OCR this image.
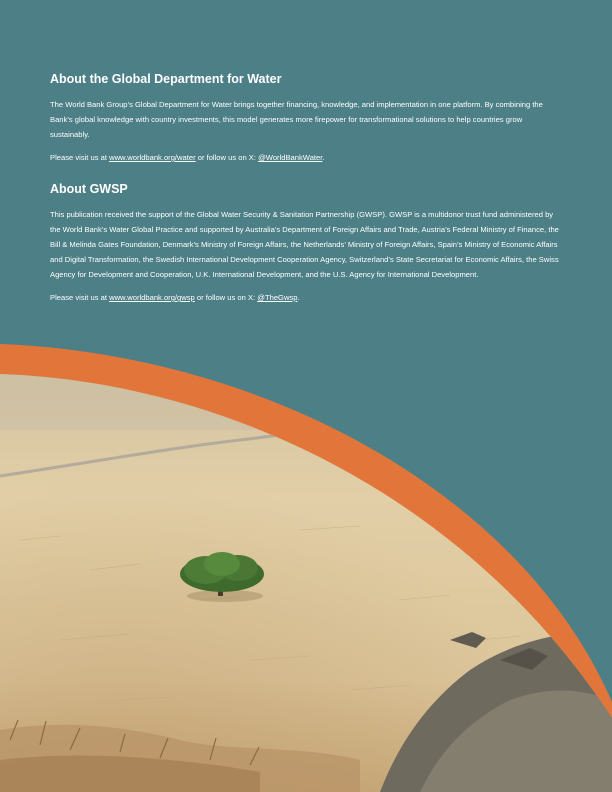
About the Global Department for Water

The World Bank Group’s Global Department for Water brings together financing, knowledge, and implementation in one platform. By combining the Bank’s global knowledge with country investments, this model generates more firepower for transformational solutions to help countries grow sustainably.

Please visit us at www.worldbank.org/water or follow us on X: @WorldBankWater.

About GWSP

This publication received the support of the Global Water Security & Sanitation Partnership (GWSP). GWSP is a multidonor trust fund administered by the World Bank’s Water Global Practice and supported by Australia’s Department of Foreign Affairs and Trade, Austria’s Federal Ministry of Finance, the Bill & Melinda Gates Foundation, Denmark’s Ministry of Foreign Affairs, the Netherlands’ Ministry of Foreign Affairs, Spain’s Ministry of Economic Affairs and Digital Transformation, the Swedish International Development Cooperation Agency, Switzerland’s State Secretariat for Economic Affairs, the Swiss Agency for Development and Cooperation, U.K. International Development, and the U.S. Agency for International Development.

Please visit us at www.worldbank.org/gwsp or follow us on X: @TheGwsp.
